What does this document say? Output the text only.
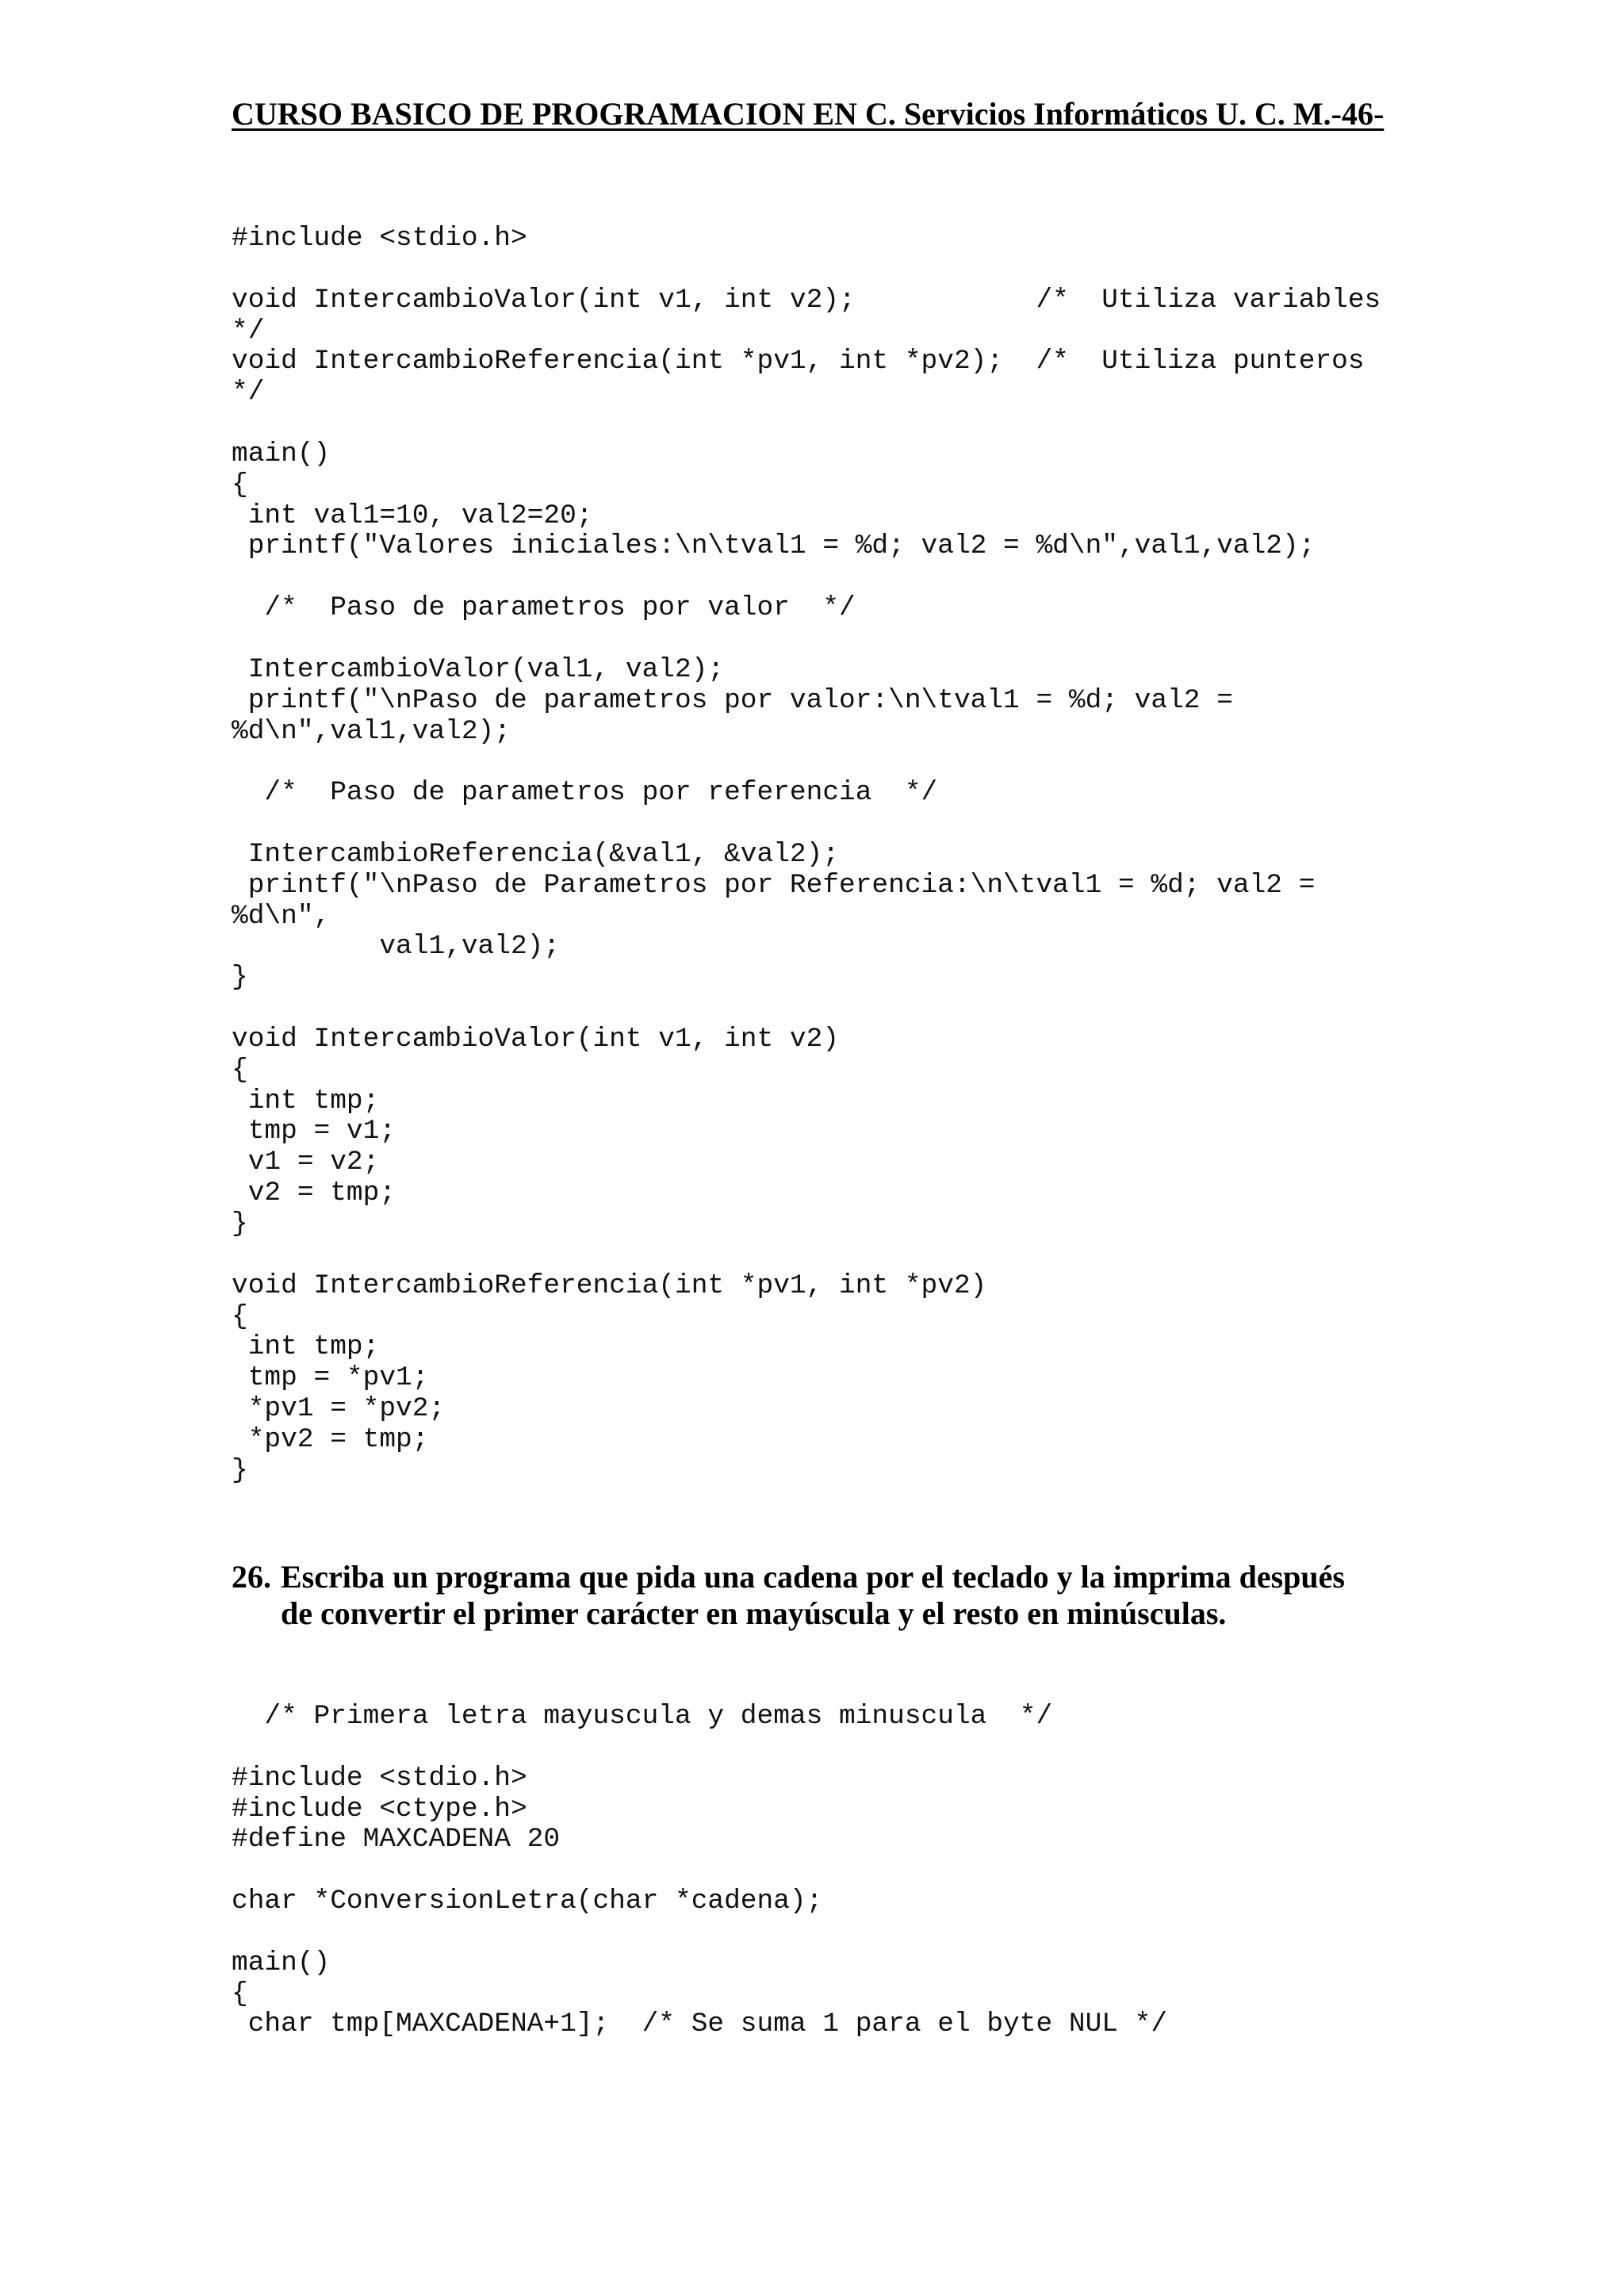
CURSO BASICO DE PROGRAMACION EN C. Servicios Informáticos U. C. M.-46-
#include <stdio.h>
void IntercambioValor(int v1, int v2);           /*  Utiliza variables
*/
void IntercambioReferencia(int *pv1, int *pv2);  /*  Utiliza punteros
*/
main()
{
int val1=10, val2=20;
printf("Valores iniciales:\n\tval1 = %d; val2 = %d\n",val1,val2);
/*  Paso de parametros por valor  */
IntercambioValor(val1, val2);
printf("\nPaso de parametros por valor:\n\tval1 = %d; val2 =
%d\n",val1,val2);
/*  Paso de parametros por referencia  */
IntercambioReferencia(&val1, &val2);
printf("\nPaso de Parametros por Referencia:\n\tval1 = %d; val2 =
%d\n",
val1,val2);
}
void IntercambioValor(int v1, int v2)
{
int tmp;
tmp = v1;
v1 = v2;
v2 = tmp;
}
void IntercambioReferencia(int *pv1, int *pv2)
{
int tmp;
tmp = *pv1;
*pv1 = *pv2;
*pv2 = tmp;
}
26. Escriba un programa que pida una cadena por el teclado y la imprima después
de convertir el primer carácter en mayúscula y el resto en minúsculas.
/* Primera letra mayuscula y demas minuscula  */
#include <stdio.h>
#include <ctype.h>
#define MAXCADENA 20
char *ConversionLetra(char *cadena);
main()
{
char tmp[MAXCADENA+1];  /* Se suma 1 para el byte NUL */
